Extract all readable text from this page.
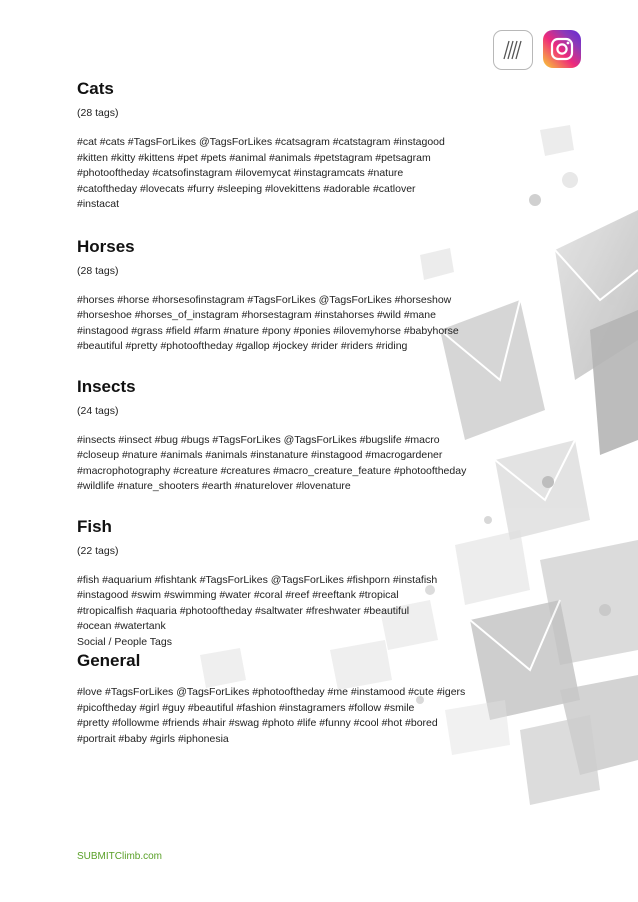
Cats
(28 tags)
#cat #cats #TagsForLikes @TagsForLikes #catsagram #catstagram #instagood
#kitten #kitty #kittens #pet #pets #animal #animals #petstagram #petsagram
#photooftheday #catsofinstagram #ilovemycat #instagramcats #nature
#catoftheday #lovecats #furry #sleeping #lovekittens #adorable #catlover
#instacat
Horses
(28 tags)
#horses #horse #horsesofinstagram #TagsForLikes @TagsForLikes #horseshow
#horseshoe #horses_of_instagram #horsestagram #instahorses #wild #mane
#instagood #grass #field #farm #nature #pony #ponies #ilovemyhorse #babyhorse
#beautiful #pretty #photooftheday #gallop #jockey #rider #riders #riding
Insects
(24 tags)
#insects #insect #bug #bugs #TagsForLikes @TagsForLikes #bugslife #macro
#closeup #nature #animals #animals #instanature #instagood #macrogardener
#macrophotography #creature #creatures #macro_creature_feature #photooftheday
#wildlife #nature_shooters #earth #naturelover #lovenature
Fish
(22 tags)
#fish #aquarium #fishtank #TagsForLikes @TagsForLikes #fishporn #instafish
#instagood #swim #swimming #water #coral #reef #reeftank #tropical
#tropicalfish #aquaria #photooftheday #saltwater #freshwater #beautiful
#ocean #watertank
Social / People Tags
General
#love #TagsForLikes @TagsForLikes #photooftheday #me #instamood #cute #igers
#picoftheday #girl #guy #beautiful #fashion #instagramers #follow #smile
#pretty #followme #friends #hair #swag #photo #life #funny #cool #hot #bored
#portrait #baby #girls #iphonesia
SUBMITClimb.com
